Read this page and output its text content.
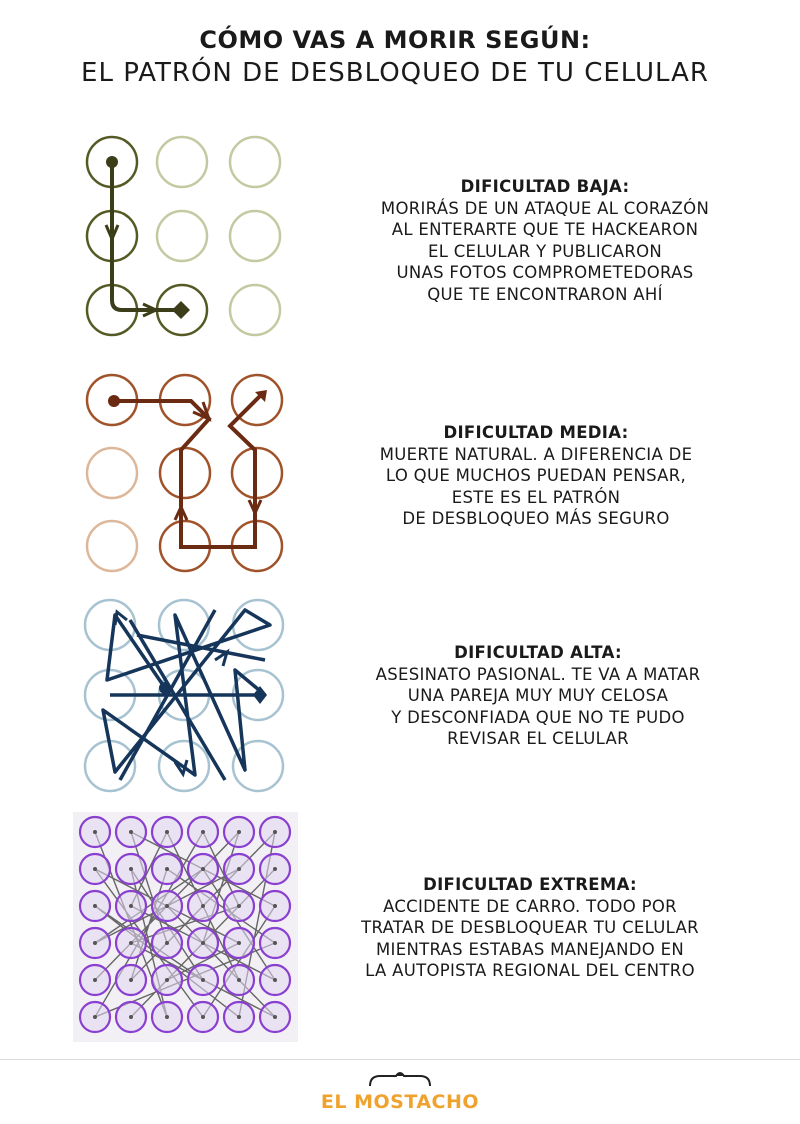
CÓMO VAS A MORIR SEGÚN:
EL PATRÓN DE DESBLOQUEO DE TU CELULAR
DIFICULTAD BAJA:
MORIRÁS DE UN ATAQUE AL CORAZÓN
AL ENTERARTE QUE TE HACKEARON
EL CELULAR Y PUBLICARON
UNAS FOTOS COMPROMETEDORAS
QUE TE ENCONTRARON AHÍ
DIFICULTAD MEDIA:
MUERTE NATURAL. A DIFERENCIA DE
LO QUE MUCHOS PUEDAN PENSAR,
ESTE ES EL PATRÓN
DE DESBLOQUEO MÁS SEGURO
DIFICULTAD ALTA:
ASESINATO PASIONAL. TE VA A MATAR
UNA PAREJA MUY MUY CELOSA
Y DESCONFIADA QUE NO TE PUDO
REVISAR EL CELULAR
DIFICULTAD EXTREMA:
ACCIDENTE DE CARRO. TODO POR
TRATAR DE DESBLOQUEAR TU CELULAR
MIENTRAS ESTABAS MANEJANDO EN
LA AUTOPISTA REGIONAL DEL CENTRO
EL MOSTACHO
